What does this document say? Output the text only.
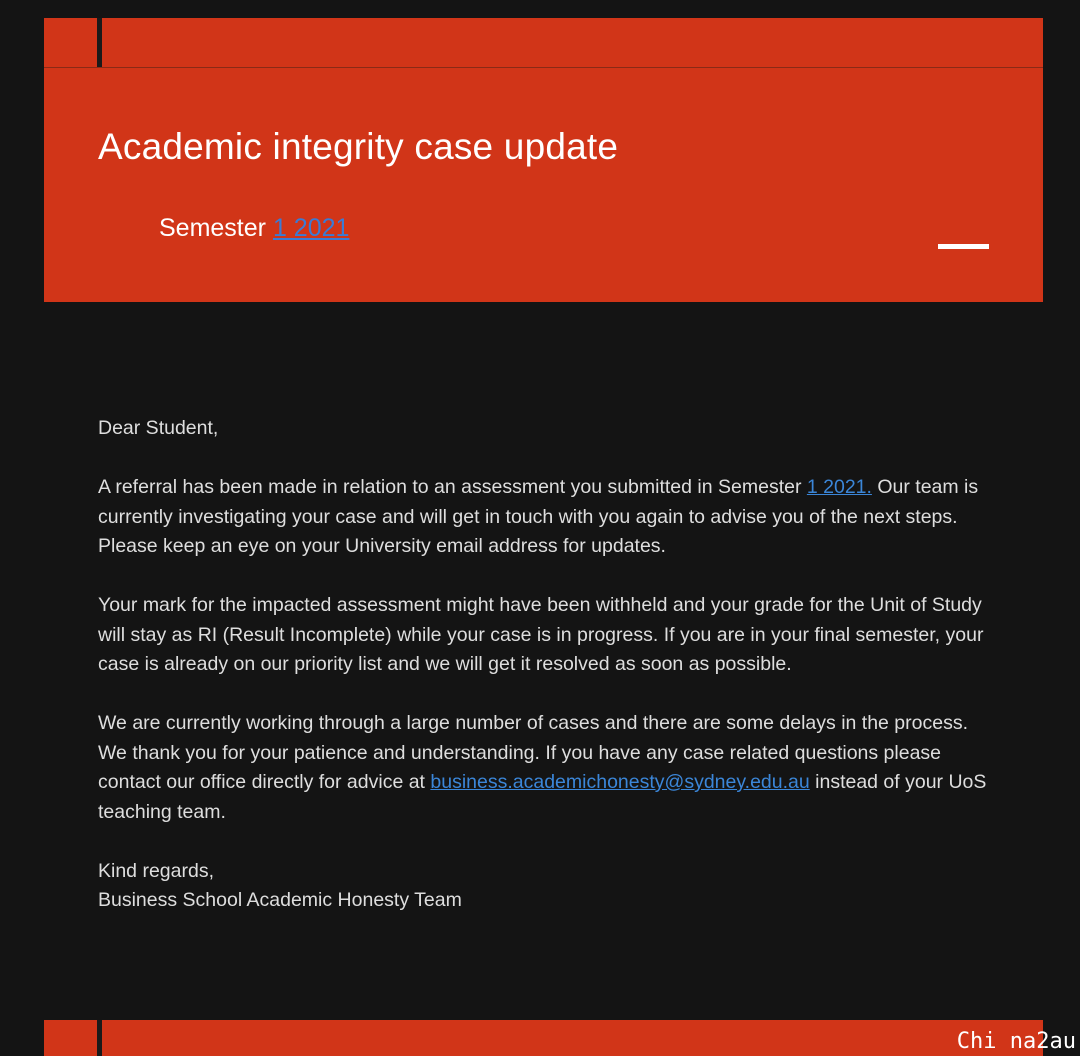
Academic integrity case update
Semester 1 2021

Dear Student,

A referral has been made in relation to an assessment you submitted in Semester 1 2021. Our team is currently investigating your case and will get in touch with you again to advise you of the next steps. Please keep an eye on your University email address for updates.

Your mark for the impacted assessment might have been withheld and your grade for the Unit of Study will stay as RI (Result Incomplete) while your case is in progress. If you are in your final semester, your case is already on our priority list and we will get it resolved as soon as possible.

We are currently working through a large number of cases and there are some delays in the process. We thank you for your patience and understanding. If you have any case related questions please contact our office directly for advice at business.academichonesty@sydney.edu.au instead of your UoS teaching team.

Kind regards,
Business School Academic Honesty Team

Chi na2au
